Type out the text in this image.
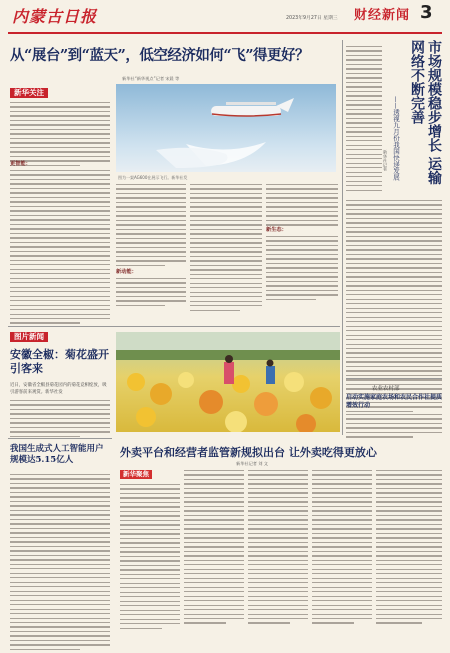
内蒙古日报	2023年9月27日 星期三 财经新闻 3
从“展台”到“蓝天”，低空经济如何“飞”得更好？
新华社“新华视点”记者 宋晨 等
新华关注
更智能：
图为一架AG600在展示飞行。新华社发
新动能：
新生态：
市场规模稳步增长 运输网络不断完善
——透视九月份我国快递发展
新华社记者
图片新闻
安徽全椒：菊花盛开引客来
近日，安徽省全椒县菊花园内的菊花竞相绽放，吸引游客前来观赏。新华社发
我国生成式人工智能用户规模达5.15亿人
外卖平台和经营者监管新规拟出台 让外卖吃得更放心
新华社记者 刘 文
新华聚焦
农业农村部
启动实施家庭农场和农民合作社提质增效行动
